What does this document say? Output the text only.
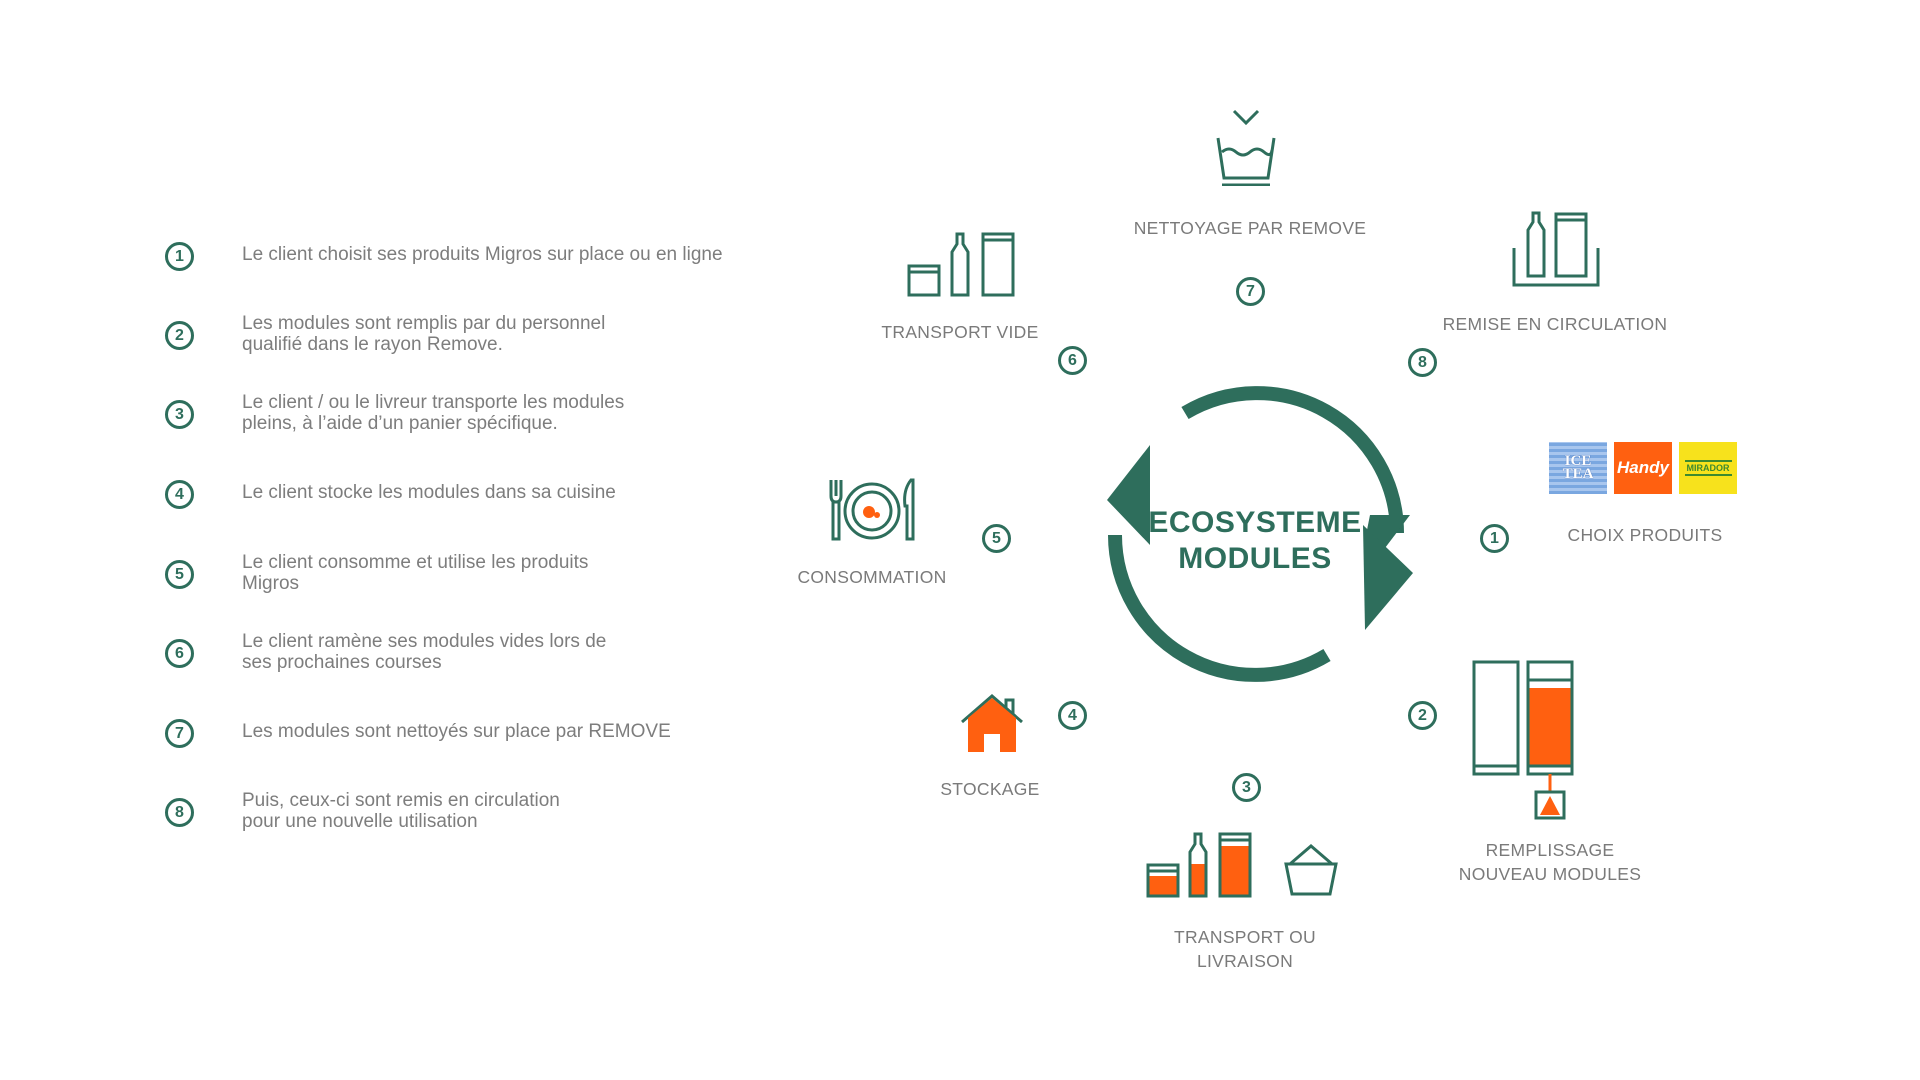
1	Le client choisit ses produits Migros sur place ou en ligne
2
Les modules sont remplis par du personnel
qualifié dans le rayon Remove.
3
Le client / ou le livreur transporte les modules
pleins, à l’aide d’un panier spécifique.
4	Le client stocke les modules dans sa cuisine
5
Le client consomme et utilise les produits
Migros
6
Le client ramène ses modules vides lors de
ses prochaines courses
7	Les modules sont nettoyés sur place par REMOVE
8
Puis, ceux-ci sont remis en circulation
pour une nouvelle utilisation
ECOSYSTEME
MODULES
NETTOYAGE PAR REMOVE
7
TRANSPORT VIDE
6
REMISE EN CIRCULATION
8
CONSOMMATION
5
ICE
TEA Handy MIRADOR
1	CHOIX PRODUITS
4
STOCKAGE	3
TRANSPORT OU
LIVRAISON
2
REMPLISSAGE
NOUVEAU MODULES
